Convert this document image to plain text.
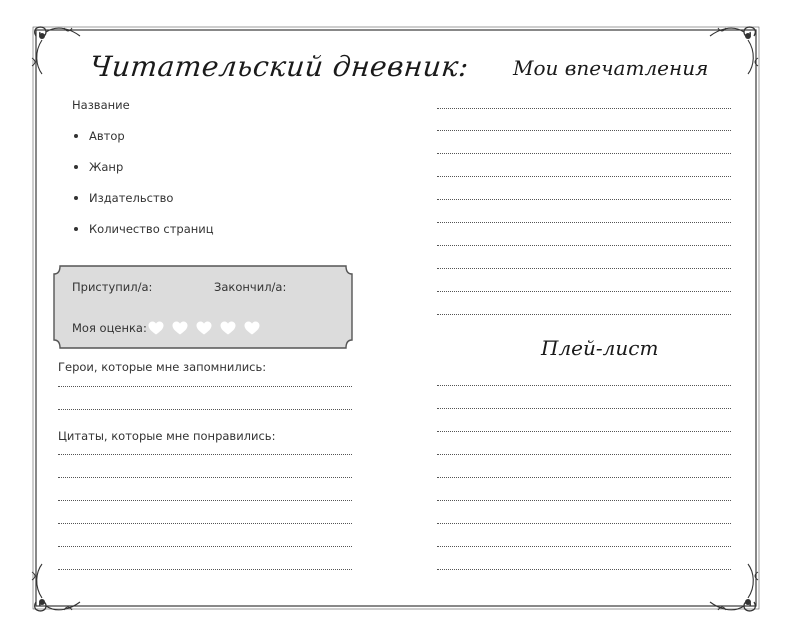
Читательский дневник:
Название
Автор
Жанр
Издательство
Количество страниц
Приступил/а:	Закончил/а:
Моя оценка:
Герои, которые мне запомнились:
Цитаты, которые мне понравились:
Мои впечатления
Плей-лист
